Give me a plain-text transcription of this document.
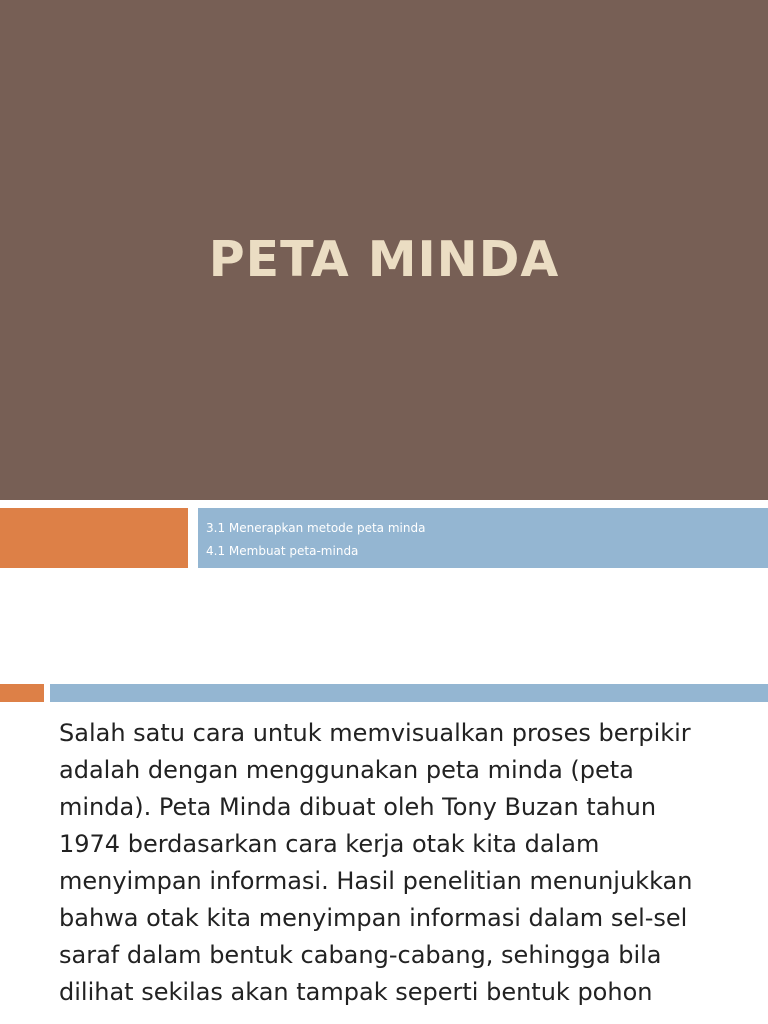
PETA MINDA
3.1 Menerapkan metode peta minda
4.1 Membuat peta-minda
Salah satu cara untuk memvisualkan proses berpikir
adalah dengan menggunakan peta minda (peta
minda). Peta Minda dibuat oleh Tony Buzan tahun
1974 berdasarkan cara kerja otak kita dalam
menyimpan informasi. Hasil penelitian menunjukkan
bahwa otak kita menyimpan informasi dalam sel-sel
saraf dalam bentuk cabang-cabang, sehingga bila
dilihat sekilas akan tampak seperti bentuk pohon
